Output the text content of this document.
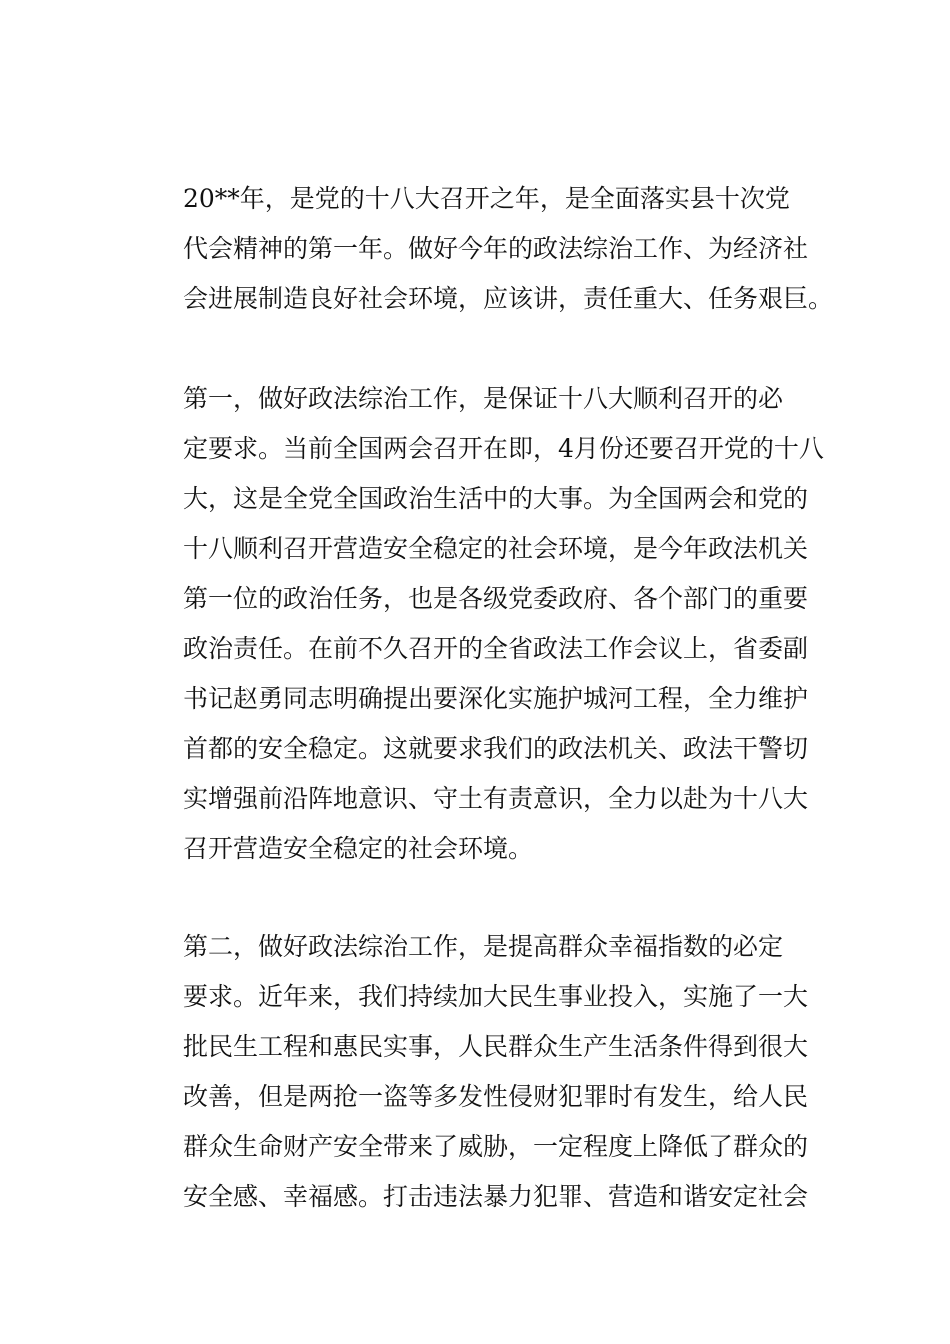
20**年，是党的十八大召开之年，是全面落实县十次党
代会精神的第一年。做好今年的政法综治工作、为经济社
会进展制造良好社会环境，应该讲，责任重大、任务艰巨。

第一，做好政法综治工作，是保证十八大顺利召开的必
定要求。当前全国两会召开在即，4月份还要召开党的十八
大，这是全党全国政治生活中的大事。为全国两会和党的
十八顺利召开营造安全稳定的社会环境，是今年政法机关
第一位的政治任务，也是各级党委政府、各个部门的重要
政治责任。在前不久召开的全省政法工作会议上，省委副
书记赵勇同志明确提出要深化实施护城河工程，全力维护
首都的安全稳定。这就要求我们的政法机关、政法干警切
实增强前沿阵地意识、守土有责意识，全力以赴为十八大
召开营造安全稳定的社会环境。

第二，做好政法综治工作，是提高群众幸福指数的必定
要求。近年来，我们持续加大民生事业投入，实施了一大
批民生工程和惠民实事，人民群众生产生活条件得到很大
改善，但是两抢一盗等多发性侵财犯罪时有发生，给人民
群众生命财产安全带来了威胁，一定程度上降低了群众的
安全感、幸福感。打击违法暴力犯罪、营造和谐安定社会
